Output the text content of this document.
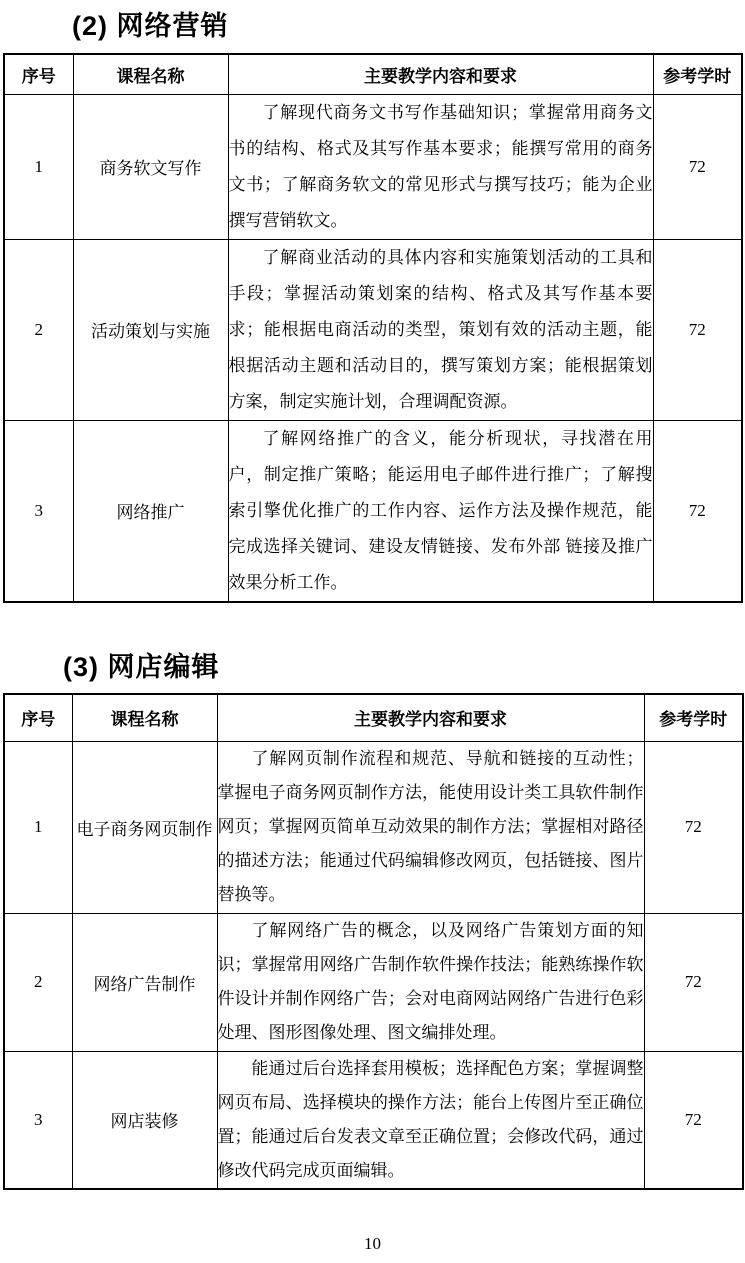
(2) 网络营销
序号	课程名称	主要教学内容和要求	参考学时
1	商务软文写作	了解现代商务文书写作基础知识；掌握常用商务文书的结构、格式及其写作基本要求；能撰写常用的商务文书；了解商务软文的常见形式与撰写技巧；能为企业撰写营销软文。	72
2	活动策划与实施	了解商业活动的具体内容和实施策划活动的工具和手段；掌握活动策划案的结构、格式及其写作基本要求；能根据电商活动的类型，策划有效的活动主题，能根据活动主题和活动目的，撰写策划方案；能根据策划方案，制定实施计划，合理调配资源。	72
3	网络推广	了解网络推广的含义，能分析现状，寻找潜在用户，制定推广策略；能运用电子邮件进行推广；了解搜索引擎优化推广的工作内容、运作方法及操作规范，能完成选择关键词、建设友情链接、发布外部 链接及推广效果分析工作。	72
(3) 网店编辑
序号	课程名称	主要教学内容和要求	参考学时
1	电子商务网页制作	了解网页制作流程和规范、导航和链接的互动性； 掌握电子商务网页制作方法，能使用设计类工具软件制作网页；掌握网页简单互动效果的制作方法；掌握相对路径的描述方法；能通过代码编辑修改网页，包括链接、图片替换等。	72
2	网络广告制作	了解网络广告的概念，以及网络广告策划方面的知识；掌握常用网络广告制作软件操作技法；能熟练操作软件设计并制作网络广告；会对电商网站网络广告进行色彩处理、图形图像处理、图文编排处理。	72
3	网店装修	能通过后台选择套用模板；选择配色方案；掌握调整网页布局、选择模块的操作方法；能台上传图片至正确位置；能通过后台发表文章至正确位置；会修改代码，通过修改代码完成页面编辑。	72
10
